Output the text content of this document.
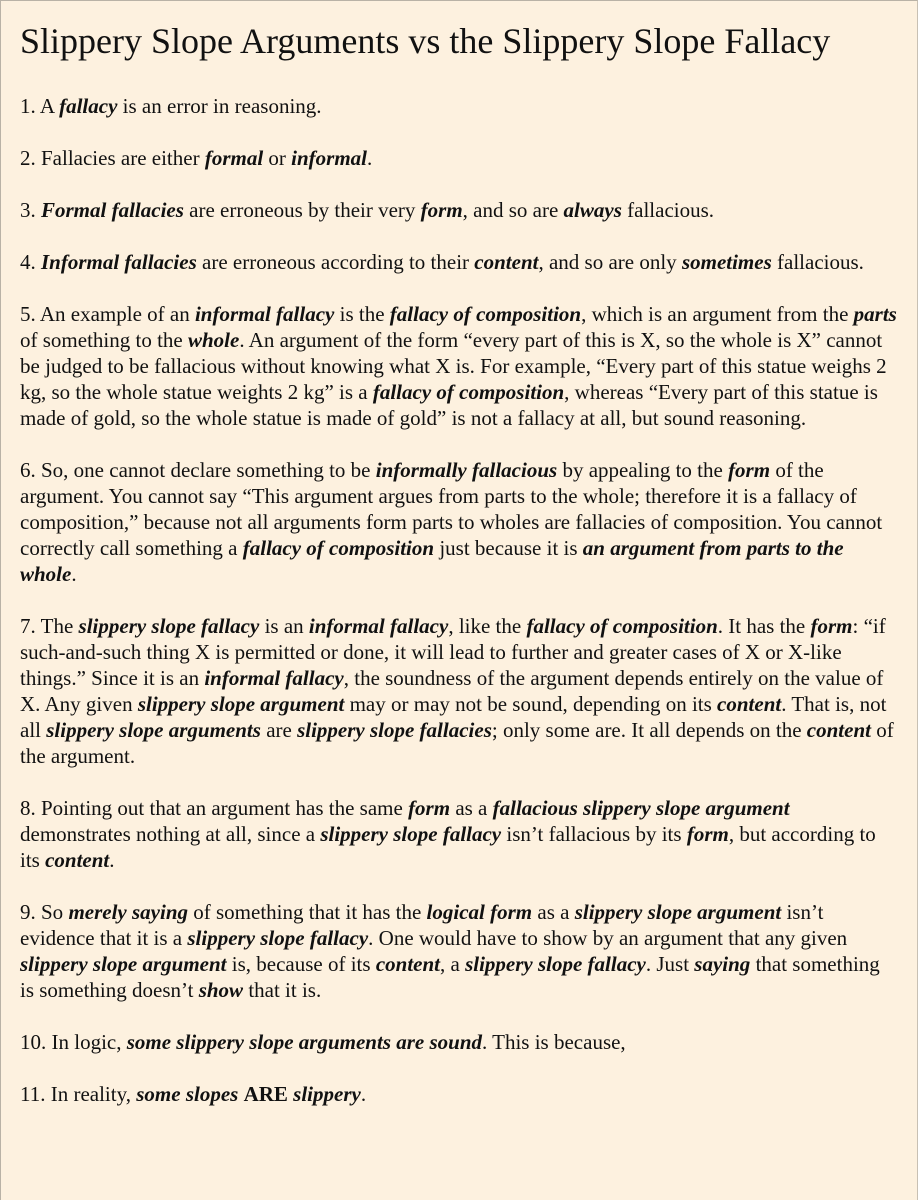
Slippery Slope Arguments vs the Slippery Slope Fallacy

1. A fallacy is an error in reasoning.

2. Fallacies are either formal or informal.

3. Formal fallacies are erroneous by their very form, and so are always fallacious.

4. Informal fallacies are erroneous according to their content, and so are only sometimes fallacious.

5. An example of an informal fallacy is the fallacy of composition, which is an argument from the parts of something to the whole. An argument of the form “every part of this is X, so the whole is X” cannot be judged to be fallacious without knowing what X is. For example, “Every part of this statue weighs 2 kg, so the whole statue weights 2 kg” is a fallacy of composition, whereas “Every part of this statue is made of gold, so the whole statue is made of gold” is not a fallacy at all, but sound reasoning.

6. So, one cannot declare something to be informally fallacious by appealing to the form of the argument. You cannot say “This argument argues from parts to the whole; therefore it is a fallacy of composition,” because not all arguments form parts to wholes are fallacies of composition. You cannot correctly call something a fallacy of composition just because it is an argument from parts to the whole.

7. The slippery slope fallacy is an informal fallacy, like the fallacy of composition. It has the form: “if such-and-such thing X is permitted or done, it will lead to further and greater cases of X or X-like things.” Since it is an informal fallacy, the soundness of the argument depends entirely on the value of X. Any given slippery slope argument may or may not be sound, depending on its content. That is, not all slippery slope arguments are slippery slope fallacies; only some are. It all depends on the content of the argument.

8. Pointing out that an argument has the same form as a fallacious slippery slope argument demonstrates nothing at all, since a slippery slope fallacy isn’t fallacious by its form, but according to its content.

9. So merely saying of something that it has the logical form as a slippery slope argument isn’t evidence that it is a slippery slope fallacy. One would have to show by an argument that any given slippery slope argument is, because of its content, a slippery slope fallacy. Just saying that something is something doesn’t show that it is.

10. In logic, some slippery slope arguments are sound. This is because,

11. In reality, some slopes ARE slippery.
